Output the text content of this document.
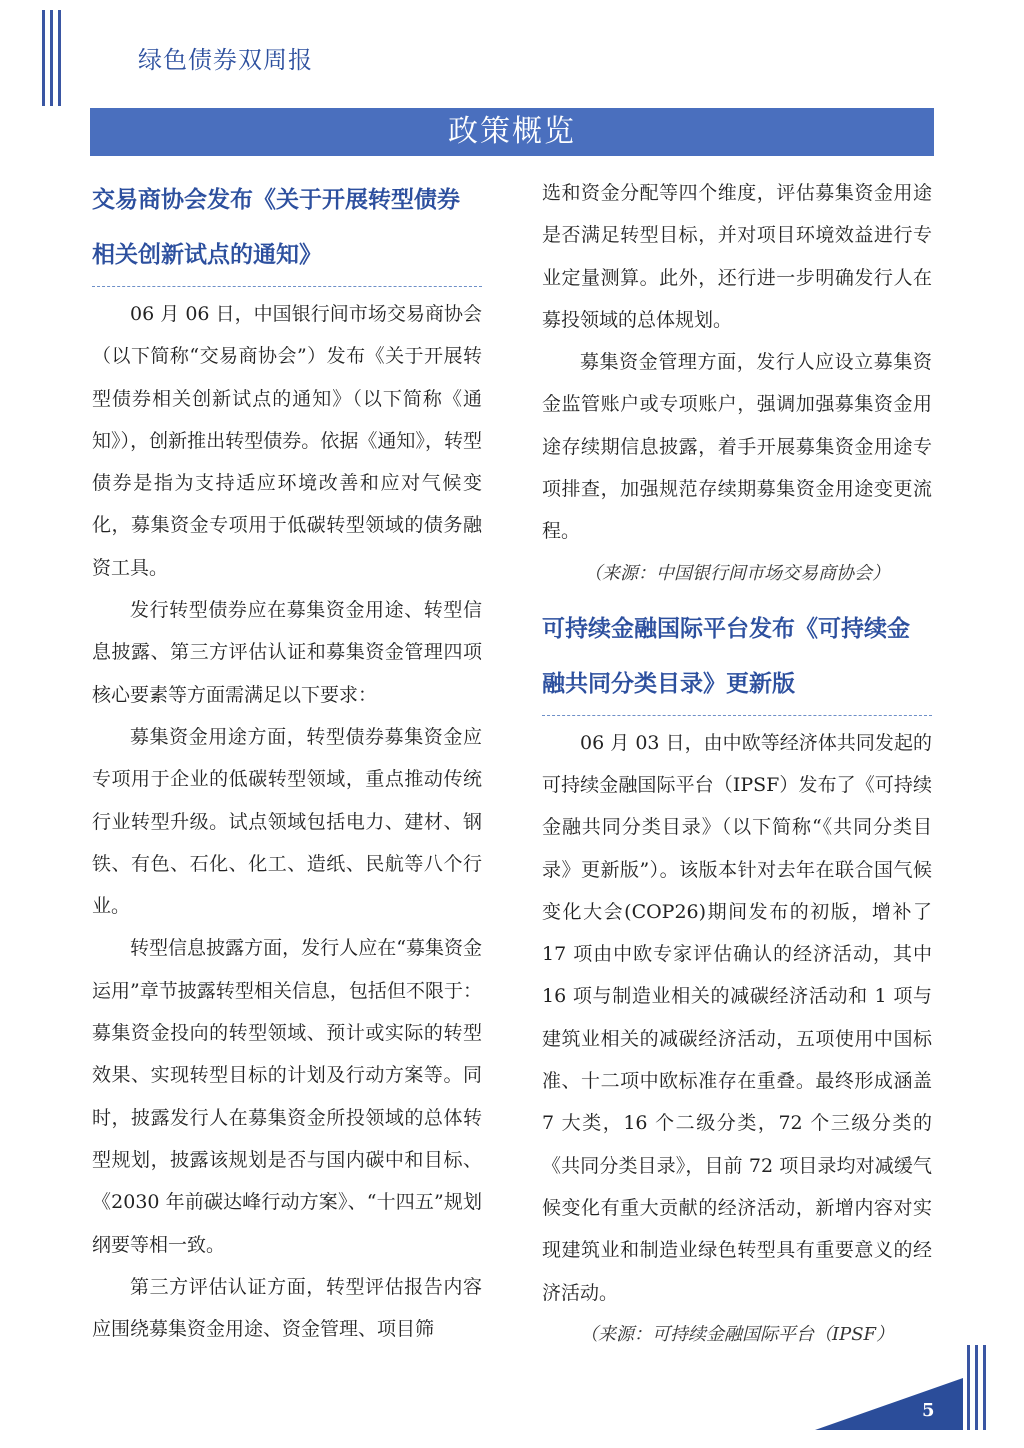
绿色债券双周报
政策概览
交易商协会发布《关于开展转型债券相关创新试点的通知》

06 月 06 日，中国银行间市场交易商协会（以下简称“交易商协会”）发布《关于开展转型债券相关创新试点的通知》（以下简称《通知》），创新推出转型债券。依据《通知》，转型债券是指为支持适应环境改善和应对气候变化，募集资金专项用于低碳转型领域的债务融资工具。

发行转型债券应在募集资金用途、转型信息披露、第三方评估认证和募集资金管理四项核心要素等方面需满足以下要求：

募集资金用途方面，转型债券募集资金应专项用于企业的低碳转型领域，重点推动传统行业转型升级。试点领域包括电力、建材、钢铁、有色、石化、化工、造纸、民航等八个行业。

转型信息披露方面，发行人应在“募集资金运用”章节披露转型相关信息，包括但不限于：募集资金投向的转型领域、预计或实际的转型效果、实现转型目标的计划及行动方案等。同时，披露发行人在募集资金所投领域的总体转型规划，披露该规划是否与国内碳中和目标、《2030 年前碳达峰行动方案》、“十四五”规划纲要等相一致。

第三方评估认证方面，转型评估报告内容应围绕募集资金用途、资金管理、项目筛

选和资金分配等四个维度，评估募集资金用途是否满足转型目标，并对项目环境效益进行专业定量测算。此外，还行进一步明确发行人在募投领域的总体规划。

募集资金管理方面，发行人应设立募集资金监管账户或专项账户，强调加强募集资金用途存续期信息披露，着手开展募集资金用途专项排查，加强规范存续期募集资金用途变更流程。

（来源：中国银行间市场交易商协会）

可持续金融国际平台发布《可持续金融共同分类目录》更新版

06 月 03 日，由中欧等经济体共同发起的可持续金融国际平台（IPSF）发布了《可持续金融共同分类目录》（以下简称“《共同分类目录》更新版”）。该版本针对去年在联合国气候变化大会(COP26)期间发布的初版，增补了 17 项由中欧专家评估确认的经济活动，其中 16 项与制造业相关的减碳经济活动和 1 项与建筑业相关的减碳经济活动，五项使用中国标准、十二项中欧标准存在重叠。最终形成涵盖 7 大类，16 个二级分类，72 个三级分类的《共同分类目录》，目前 72 项目录均对减缓气候变化有重大贡献的经济活动，新增内容对实现建筑业和制造业绿色转型具有重要意义的经济活动。

（来源：可持续金融国际平台（IPSF）

5
